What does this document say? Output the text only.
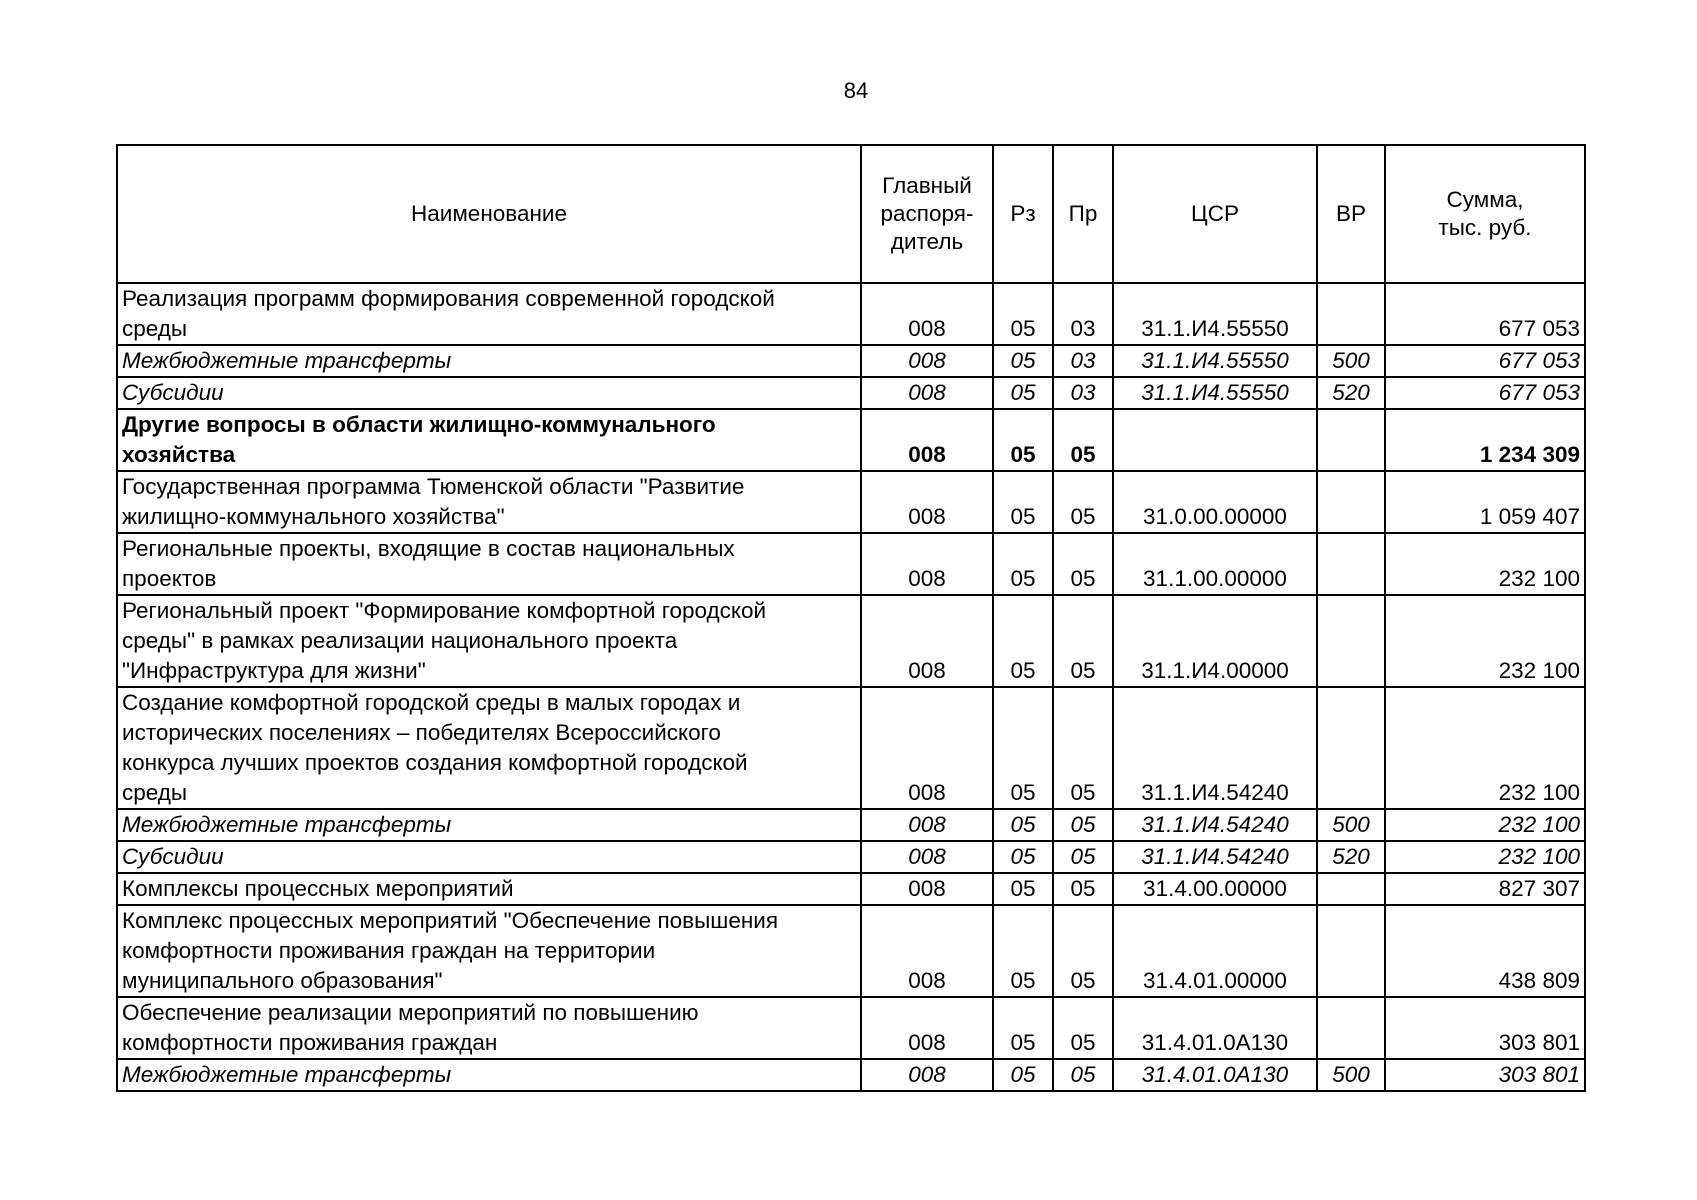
84
Наименование	Главный
распоря-
дитель	Рз	Пр	ЦСР	ВР	Сумма,
тыс. руб.
Реализация программ формирования современной городской
среды	008	05	03	31.1.И4.55550		677 053
Межбюджетные трансферты	008	05	03	31.1.И4.55550	500	677 053
Субсидии	008	05	03	31.1.И4.55550	520	677 053
Другие вопросы в области жилищно-коммунального
хозяйства	008	05	05			1 234 309
Государственная программа Тюменской области "Развитие
жилищно-коммунального хозяйства"	008	05	05	31.0.00.00000		1 059 407
Региональные проекты, входящие в состав национальных
проектов	008	05	05	31.1.00.00000		232 100
Региональный проект "Формирование комфортной городской
среды" в рамках реализации национального проекта
"Инфраструктура для жизни"	008	05	05	31.1.И4.00000		232 100
Создание комфортной городской среды в малых городах и
исторических поселениях – победителях Всероссийского
конкурса лучших проектов создания комфортной городской
среды	008	05	05	31.1.И4.54240		232 100
Межбюджетные трансферты	008	05	05	31.1.И4.54240	500	232 100
Субсидии	008	05	05	31.1.И4.54240	520	232 100
Комплексы процессных мероприятий	008	05	05	31.4.00.00000		827 307
Комплекс процессных мероприятий "Обеспечение повышения
комфортности проживания граждан на территории
муниципального образования"	008	05	05	31.4.01.00000		438 809
Обеспечение реализации мероприятий по повышению
комфортности проживания граждан	008	05	05	31.4.01.0А130		303 801
Межбюджетные трансферты	008	05	05	31.4.01.0А130	500	303 801
